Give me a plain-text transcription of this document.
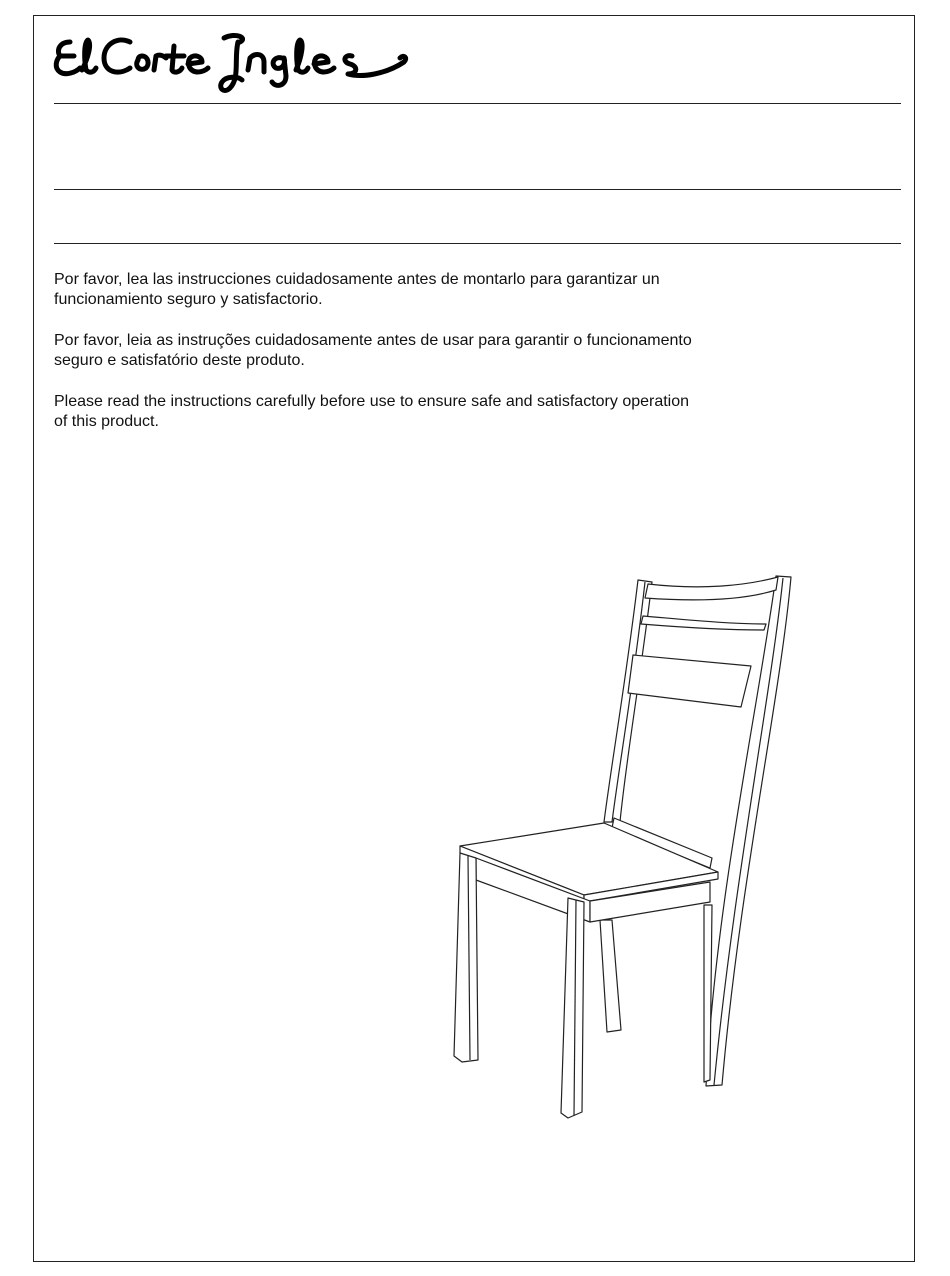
Por favor, lea las instrucciones cuidadosamente antes de montarlo para garantizar un
funcionamiento seguro y satisfactorio.

Por favor, leia as instruções cuidadosamente antes de usar para garantir o funcionamento
seguro e satisfatório deste produto.

Please read the instructions carefully before use to ensure safe and satisfactory operation
of this product.
